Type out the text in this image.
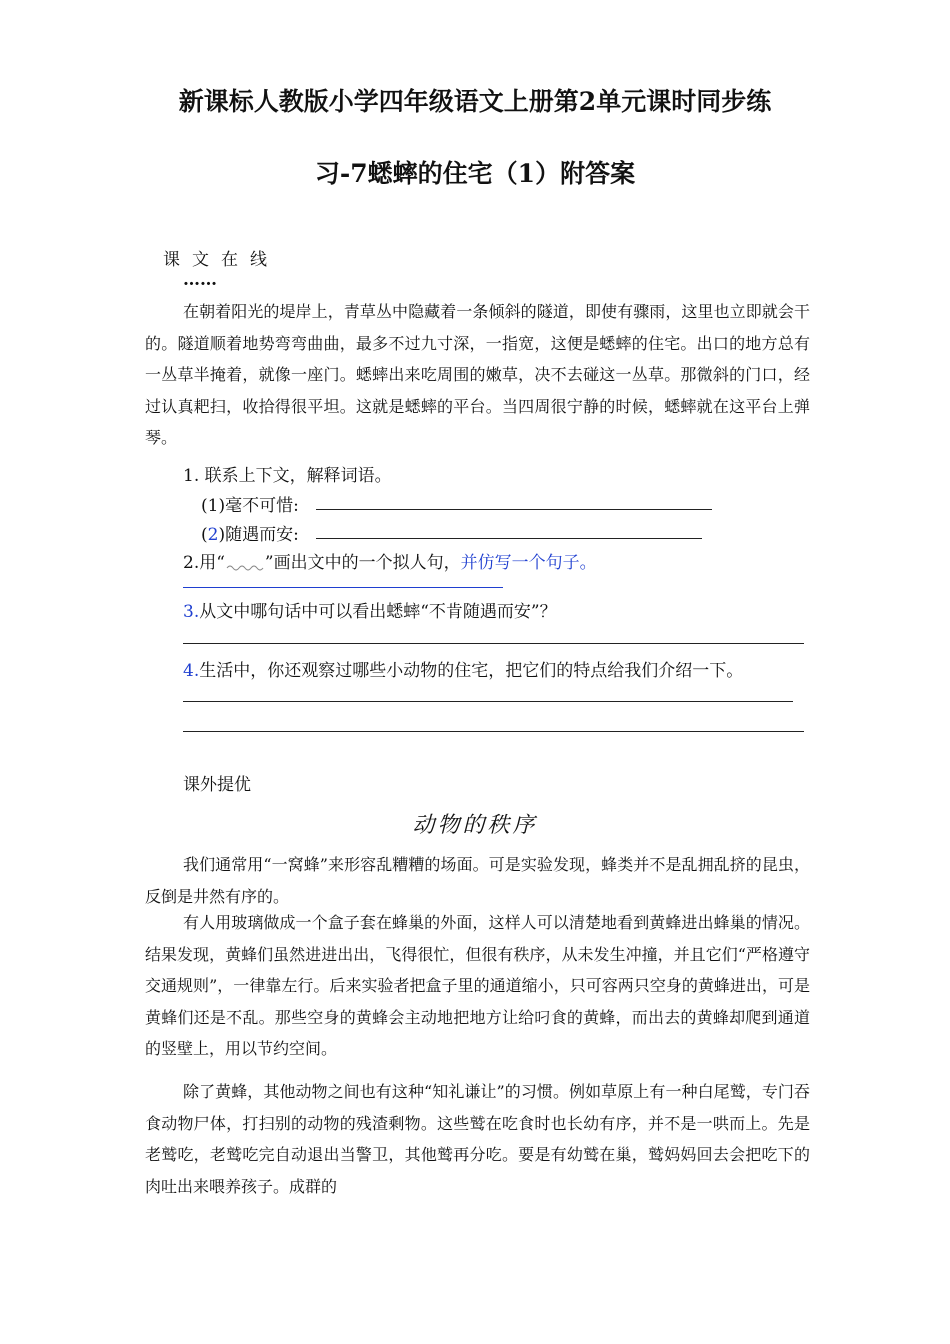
新课标人教版小学四年级语文上册第2单元课时同步练
习-7蟋蟀的住宅（1）附答案
课文在线
……
在朝着阳光的堤岸上，青草丛中隐藏着一条倾斜的隧道，即使有骤雨，这里也立即就会干的。隧道顺着地势弯弯曲曲，最多不过九寸深，一指宽，这便是蟋蟀的住宅。出口的地方总有一丛草半掩着，就像一座门。蟋蟀出来吃周围的嫩草，决不去碰这一丛草。那微斜的门口，经过认真耙扫，收拾得很平坦。这就是蟋蟀的平台。当四周很宁静的时候，蟋蟀就在这平台上弹琴。
1. 联系上下文，解释词语。
(1)毫不可惜:
(2)随遇而安:
2.用“ ”画出文中的一个拟人句，并仿写一个句子。
3.从文中哪句话中可以看出蟋蟀“不肯随遇而安”？
4.生活中，你还观察过哪些小动物的住宅，把它们的特点给我们介绍一下。
课外提优
动物的秩序
我们通常用“一窝蜂”来形容乱糟糟的场面。可是实验发现，蜂类并不是乱拥乱挤的昆虫，反倒是井然有序的。
有人用玻璃做成一个盒子套在蜂巢的外面，这样人可以清楚地看到黄蜂进出蜂巢的情况。结果发现，黄蜂们虽然进进出出，飞得很忙，但很有秩序，从未发生冲撞，并且它们“严格遵守交通规则”，一律靠左行。后来实验者把盒子里的通道缩小，只可容两只空身的黄蜂进出，可是黄蜂们还是不乱。那些空身的黄蜂会主动地把地方让给叼食的黄蜂，而出去的黄蜂却爬到通道的竖壁上，用以节约空间。
除了黄蜂，其他动物之间也有这种“知礼谦让”的习惯。例如草原上有一种白尾鹫，专门吞食动物尸体，打扫别的动物的残渣剩物。这些鹫在吃食时也长幼有序，并不是一哄而上。先是老鹫吃，老鹫吃完自动退出当警卫，其他鹫再分吃。要是有幼鹫在巢，鹫妈妈回去会把吃下的肉吐出来喂养孩子。成群的
